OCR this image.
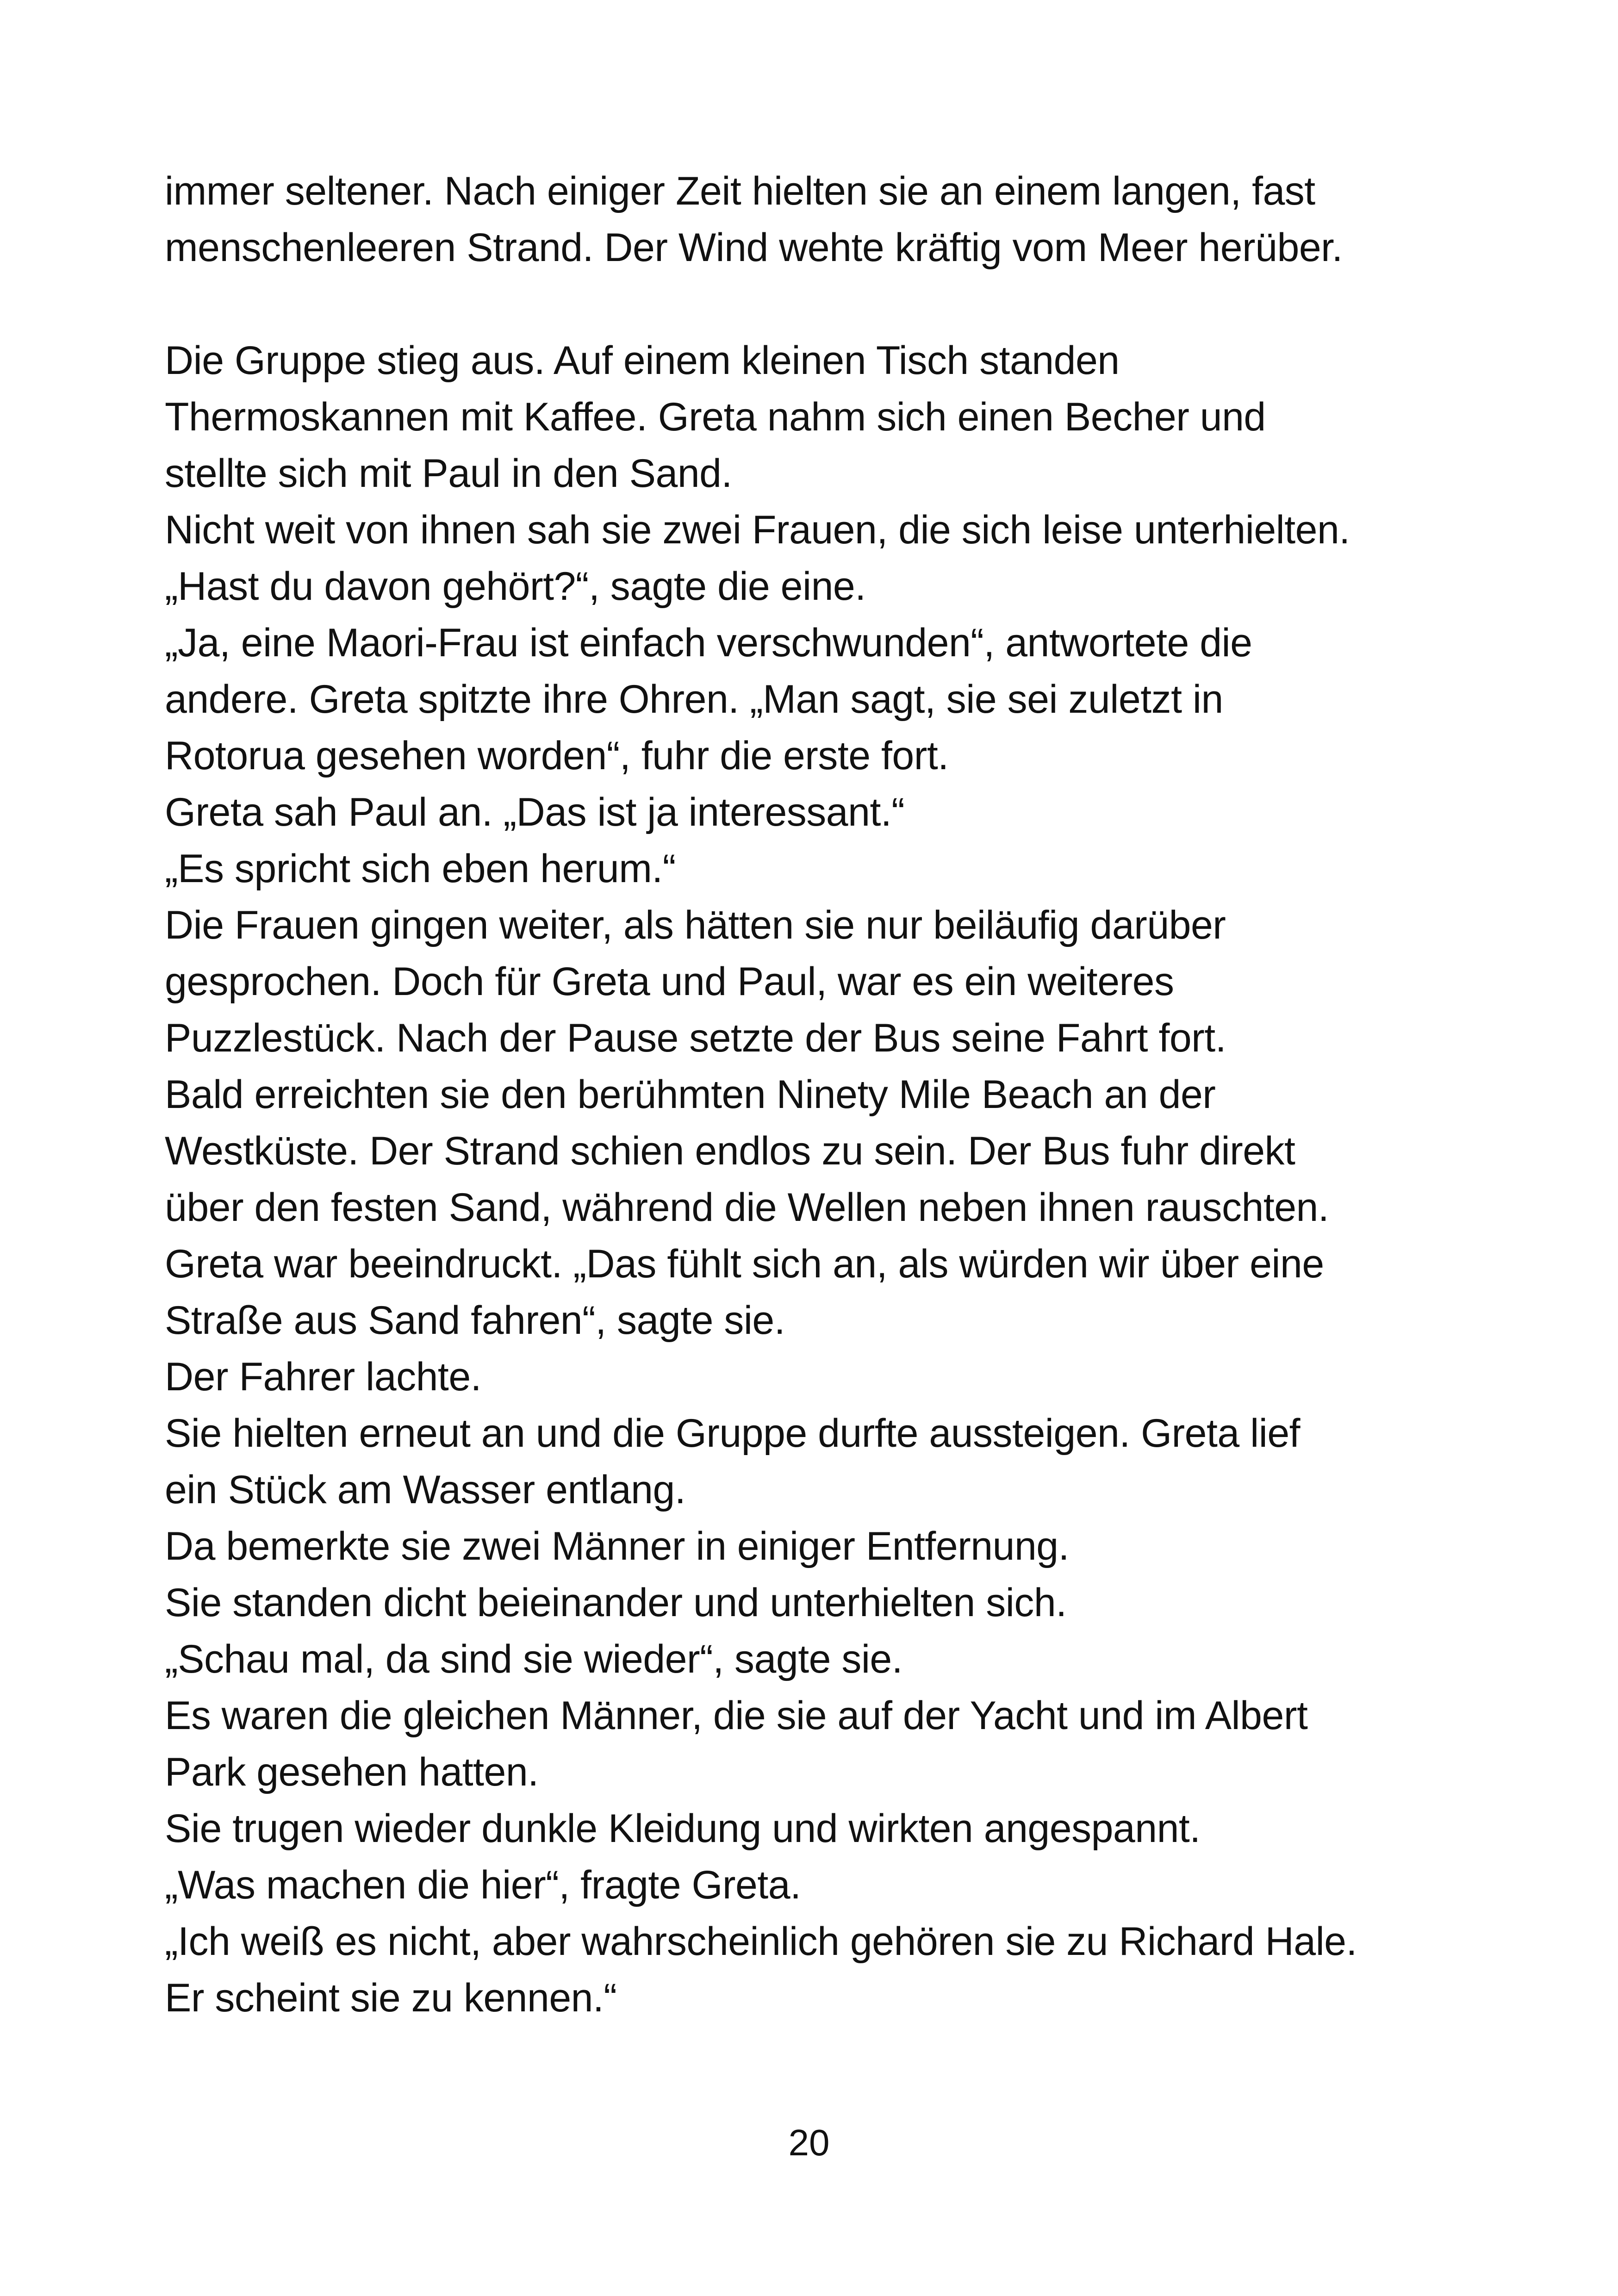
immer seltener. Nach einiger Zeit hielten sie an einem langen, fast
menschenleeren Strand. Der Wind wehte kräftig vom Meer herüber.
Die Gruppe stieg aus. Auf einem kleinen Tisch standen
Thermoskannen mit Kaffee. Greta nahm sich einen Becher und
stellte sich mit Paul in den Sand.
Nicht weit von ihnen sah sie zwei Frauen, die sich leise unterhielten.
„Hast du davon gehört?“, sagte die eine.
„Ja, eine Maori-Frau ist einfach verschwunden“, antwortete die
andere. Greta spitzte ihre Ohren. „Man sagt, sie sei zuletzt in
Rotorua gesehen worden“, fuhr die erste fort.
Greta sah Paul an. „Das ist ja interessant.“
„Es spricht sich eben herum.“
Die Frauen gingen weiter, als hätten sie nur beiläufig darüber
gesprochen. Doch für Greta und Paul, war es ein weiteres
Puzzlestück. Nach der Pause setzte der Bus seine Fahrt fort.
Bald erreichten sie den berühmten Ninety Mile Beach an der
Westküste. Der Strand schien endlos zu sein. Der Bus fuhr direkt
über den festen Sand, während die Wellen neben ihnen rauschten.
Greta war beeindruckt. „Das fühlt sich an, als würden wir über eine
Straße aus Sand fahren“, sagte sie.
Der Fahrer lachte.
Sie hielten erneut an und die Gruppe durfte aussteigen. Greta lief
ein Stück am Wasser entlang.
Da bemerkte sie zwei Männer in einiger Entfernung.
Sie standen dicht beieinander und unterhielten sich.
„Schau mal, da sind sie wieder“, sagte sie.
Es waren die gleichen Männer, die sie auf der Yacht und im Albert
Park gesehen hatten.
Sie trugen wieder dunkle Kleidung und wirkten angespannt.
„Was machen die hier“, fragte Greta.
„Ich weiß es nicht, aber wahrscheinlich gehören sie zu Richard Hale.
Er scheint sie zu kennen.“
20
